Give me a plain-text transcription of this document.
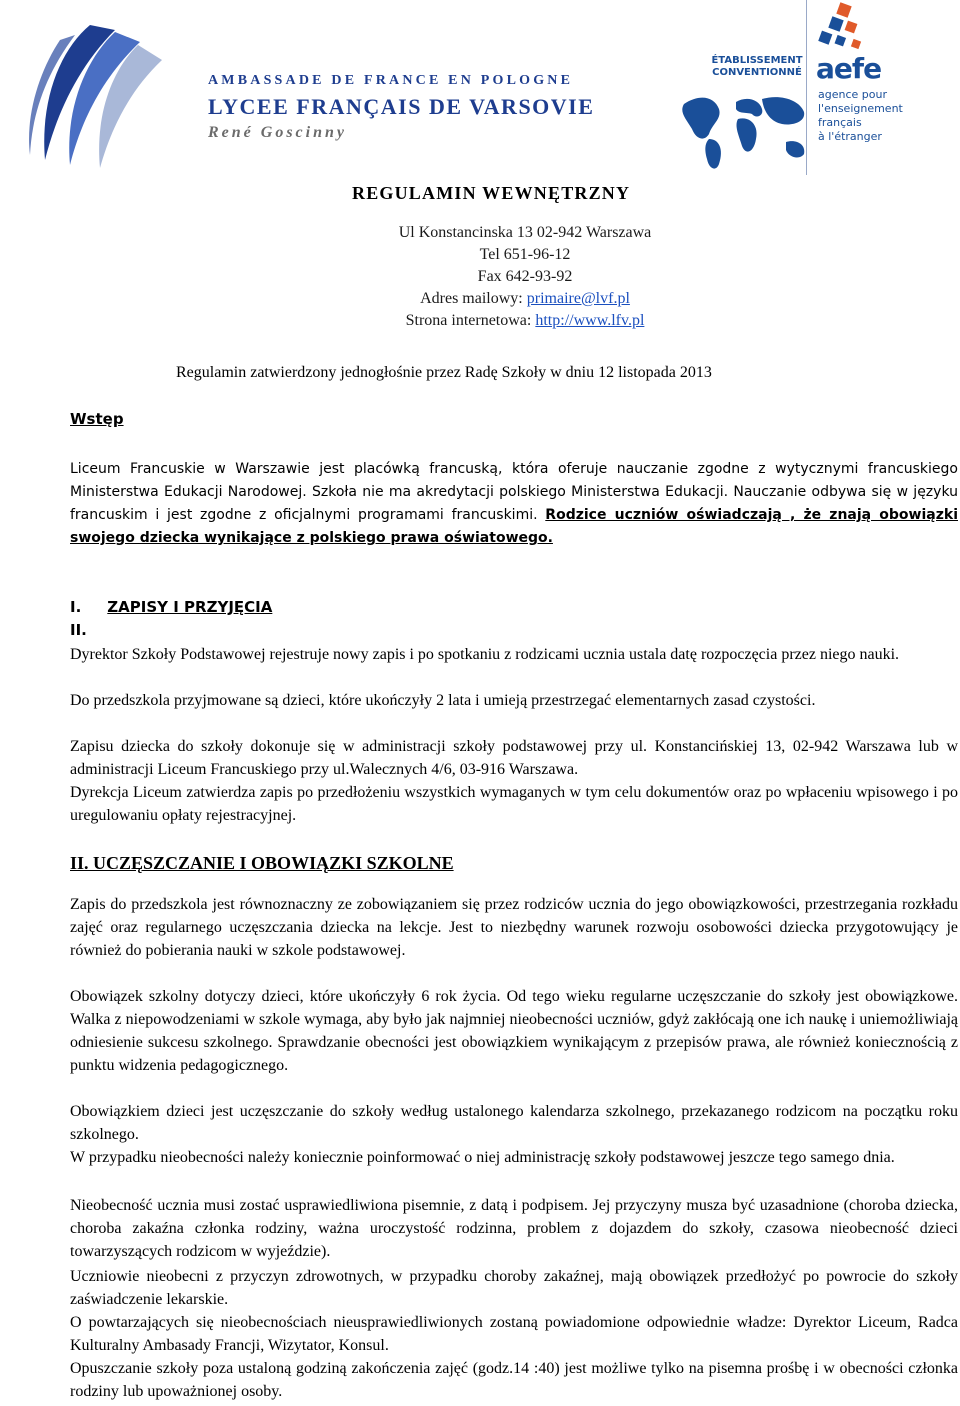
AMBASSADE DE FRANCE EN POLOGNE
LYCEE FRANÇAIS DE VARSOVIE
René Goscinny
ÉTABLISSEMENT CONVENTIONNÉ aefe
agence pour
l'enseignement
français
à l'étranger
REGULAMIN WEWNĘTRZNY
Ul Konstancinska 13 02-942 Warszawa
Tel 651-96-12
Fax 642-93-92
Adres mailowy: primaire@lvf.pl
Strona internetowa: http://www.lfv.pl
Regulamin zatwierdzony jednogłośnie przez Radę Szkoły w dniu 12 listopada 2013
Wstęp

Liceum Francuskie w Warszawie jest placówką francuską, która oferuje nauczanie zgodne z wytycznymi francuskiego Ministerstwa Edukacji Narodowej. Szkoła nie ma akredytacji polskiego Ministerstwa Edukacji. Nauczanie odbywa się w języku francuskim i jest zgodne z oficjalnymi programami francuskimi. Rodzice uczniów oświadczają , że znają obowiązki swojego dziecka wynikające z polskiego prawa oświatowego.

I. ZAPISY I PRZYJĘCIA
II.

Dyrektor Szkoły Podstawowej rejestruje nowy zapis i po spotkaniu z rodzicami ucznia ustala datę rozpoczęcia przez niego nauki.

Do przedszkola przyjmowane są dzieci, które ukończyły 2 lata i umieją przestrzegać elementarnych zasad czystości.

Zapisu dziecka do szkoły dokonuje się w administracji szkoły podstawowej przy ul. Konstancińskiej 13, 02-942 Warszawa lub w administracji Liceum Francuskiego przy ul.Walecznych 4/6, 03-916 Warszawa.

Dyrekcja Liceum zatwierdza zapis po przedłożeniu wszystkich wymaganych w tym celu dokumentów oraz po wpłaceniu wpisowego i po uregulowaniu opłaty rejestracyjnej.

II. UCZĘSZCZANIE I OBOWIĄZKI SZKOLNE

Zapis do przedszkola jest równoznaczny ze zobowiązaniem się przez rodziców ucznia do jego obowiązkowości, przestrzegania rozkładu zajęć oraz regularnego uczęszczania dziecka na lekcje. Jest to niezbędny warunek rozwoju osobowości dziecka przygotowujący je również do pobierania nauki w szkole podstawowej.

Obowiązek szkolny dotyczy dzieci, które ukończyły 6 rok życia. Od tego wieku regularne uczęszczanie do szkoły jest obowiązkowe. Walka z niepowodzeniami w szkole wymaga, aby było jak najmniej nieobecności uczniów, gdyż zakłócają one ich naukę i uniemożliwiają odniesienie sukcesu szkolnego. Sprawdzanie obecności jest obowiązkiem wynikającym z przepisów prawa, ale również koniecznością z punktu widzenia pedagogicznego.

Obowiązkiem dzieci jest uczęszczanie do szkoły według ustalonego kalendarza szkolnego, przekazanego rodzicom na początku roku szkolnego.

W przypadku nieobecności należy koniecznie poinformować o niej administrację szkoły podstawowej jeszcze tego samego dnia.

Nieobecność ucznia musi zostać usprawiedliwiona pisemnie, z datą i podpisem. Jej przyczyny musza być uzasadnione (choroba dziecka, choroba zakaźna członka rodziny, ważna uroczystość rodzinna, problem z dojazdem do szkoły, czasowa nieobecność dzieci towarzyszących rodzicom w wyjeździe).

Uczniowie nieobecni z przyczyn zdrowotnych, w przypadku choroby zakaźnej, mają obowiązek przedłożyć po powrocie do szkoły zaświadczenie lekarskie.

O powtarzających się nieobecnościach nieusprawiedliwionych zostaną powiadomione odpowiednie władze: Dyrektor Liceum, Radca Kulturalny Ambasady Francji, Wizytator, Konsul.

Opuszczanie szkoły poza ustaloną godziną zakończenia zajęć (godz.14 :40) jest możliwe tylko na pisemna prośbę i w obecności członka rodziny lub upoważnionej osoby.
